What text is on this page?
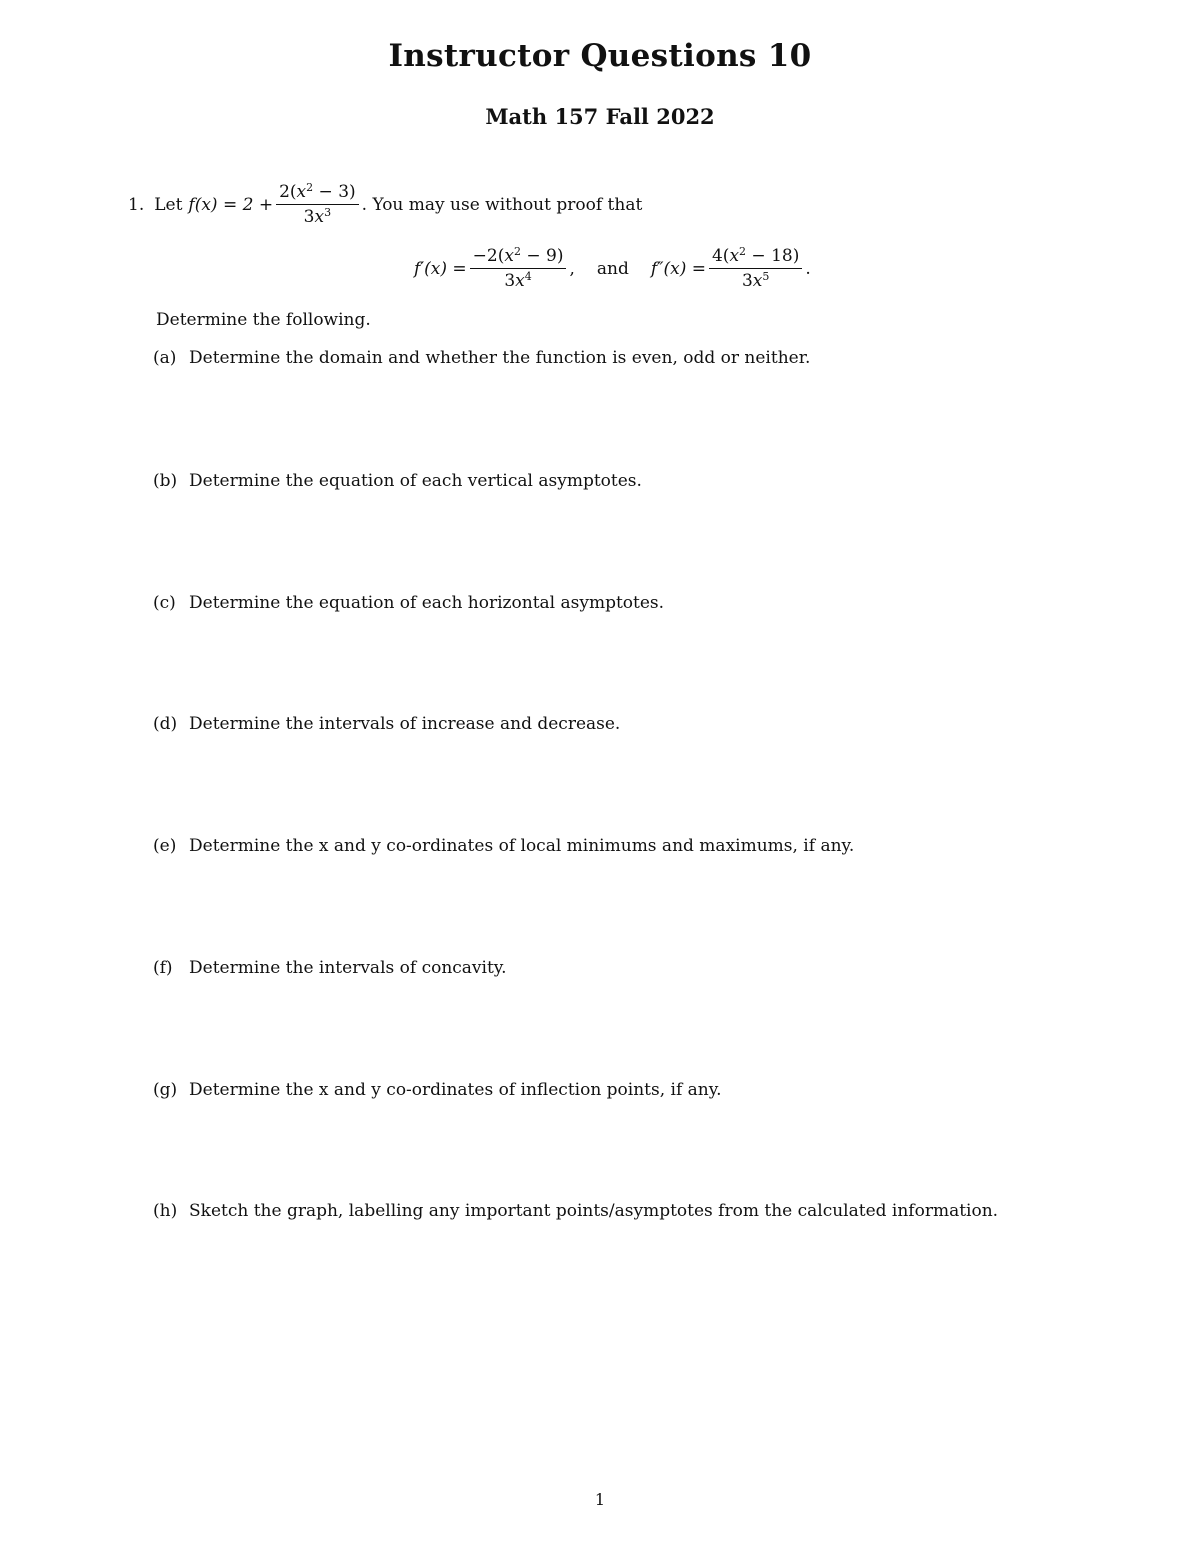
Instructor Questions 10
Math 157 Fall 2022
1. Let $f(x) = 2 + \frac{2(x^2 - 3)}{3x^3}$ . You may use without proof that
$f'(x) = \frac{-2(x^2 - 9)}{3x^4}$ , and $f''(x) = \frac{4(x^2 - 18)}{3x^5}$ .
Determine the following.
(a) Determine the domain and whether the function is even, odd or neither.
(b) Determine the equation of each vertical asymptotes.
(c) Determine the equation of each horizontal asymptotes.
(d) Determine the intervals of increase and decrease.
(e) Determine the x and y co-ordinates of local minimums and maximums, if any.
(f) Determine the intervals of concavity.
(g) Determine the x and y co-ordinates of inflection points, if any.
(h) Sketch the graph, labelling any important points/asymptotes from the calculated information.
1
